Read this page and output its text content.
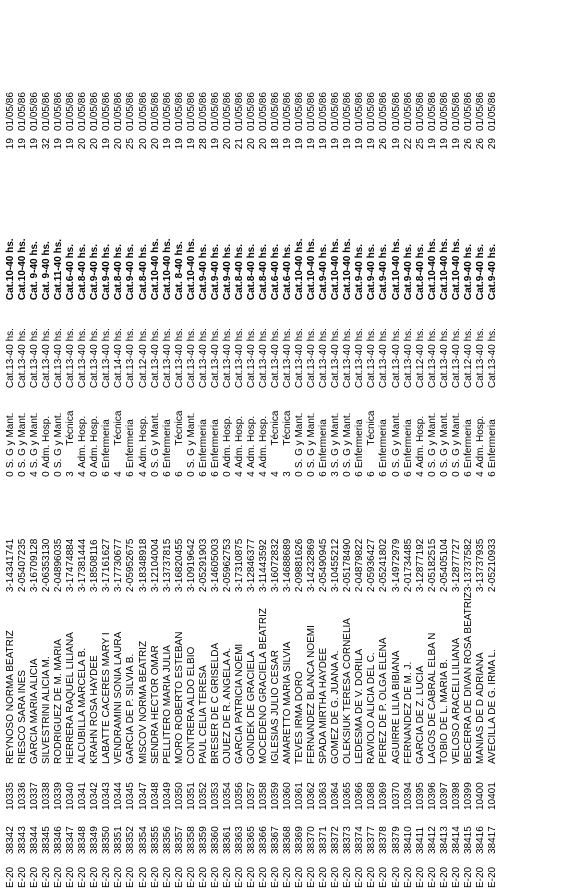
E-20	38342	10335	REYNOSO NORMA BEATRIZ	3-14341741	0	S. G y Mant.	Cat.13-40 hs.	Cat.10-40 hs.	19	01/05/86
E-20	38343	10336	RIESCO SARA INES	2-05407235	0	S. G y Mant.	Cat.13-40 hs.	Cat.10-40 hs.	19	01/05/86
E-20	38344	10337	GARCIA MARIA ALICIA	3-16709128	4	S. G y Mant.	Cat.13-40 hs.	Cat. 9-40 hs.	19	01/05/86
E-20	38345	10338	SILVESTRINI ALICIA M.	2-06353130	0	Adm. Hosp.	Cat.13-40 hs.	Cat. 9-40 hs.	32	01/05/86
E-20	38346	10339	RODRIGUEZ DE M. MARIA	2-04896035	0	S. G y Mant.	Cat.13-40 hs.	Cat.11-40 hs.	19	01/05/86
E-20	38347	10340	HERRERA RAQUEL LILIANA	3-17474884	3	Técnica	Cat.13-40 hs.	Cat.6-40 hs.	19	01/05/86
E-20	38348	10341	ALCUBILLA MARCELA B.	3-17381444	4	Adm. Hosp.	Cat.13-40 hs.	Cat.8-40 hs.	20	01/05/86
E-20	38349	10342	KRAHN ROSA HAYDEE	3-18508116	0	Adm. Hosp.	Cat.13-40 hs.	Cat.9-40 hs.	20	01/05/86
E-20	38350	10343	LABATTE CACERES MARY I	3-17161627	6	Enfermeria	Cat.13-40 hs.	Cat.9-40 hs.	19	01/05/86
E-20	38351	10344	VENDRAMINI SONIA LAURA	3-17730677	4	Técnica	Cat.14-40 hs.	Cat.8-40 hs.	20	01/05/86
E-20	38352	10345	GARCIA DE P. SILVIA B.	2-05952675	6	Enfermeria	Cat.13-40 hs.	Cat.9-40 hs.	25	01/05/86
E-20	38354	10347	MISCOV NORMA BEATRIZ	3-18348918	4	Adm. Hosp.	Cat.12-40 hs.	Cat.8-40 hs.	20	01/05/86
E-20	38355	10348	SENDRA HECTOR OMAR	3-12104004	0	S. G y Mant.	Cat.13-40 hs.	Cat.10-40 hs.	20	01/05/86
E-20	38356	10349	PELLITERO MARIA JULIA	3-13737815	6	Enfermeria	Cat.13-40 hs.	Cat.10-40 hs.	19	01/05/86
E-20	38357	10350	MORO ROBERTO ESTEBAN	3-16820455	6	Técnica	Cat.13-40 hs.	Cat. 8-40 hs.	19	01/05/86
E-20	38358	10351	CONTRERA ALDO ELBIO	3-10919642	0	S. G y Mant.	Cat.13-40 hs.	Cat.10-40 hs.	19	01/05/86
E-20	38359	10352	PAUL CELIA TERESA	2-05291903	6	Enfermeria	Cat.13-40 hs.	Cat.9-40 hs.	28	01/05/86
E-20	38360	10353	BRESER DE C GRISELDA	3-14605003	6	Enfermeria	Cat.13-40 hs.	Cat.9-40 hs.	19	01/05/86
E-20	38361	10354	OJUEZ DE R. ANGELA A.	2-05962753	0	Adm. Hosp.	Cat.13-40 hs.	Cat.9-40 hs.	20	01/05/86
E-20	38363	10356	GARCIA PATRICIA NOEMI	3-17310875	4	Adm. Hosp.	Cat.13-40 hs.	Cat.8-40 hs.	21	01/05/86
E-20	38365	10357	GONDEK DE GRACIELA	3-12846377	4	Adm. Hosp.	Cat.13-40 hs.	Cat.8-40 hs.	20	01/05/86
E-20	38366	10358	MOCEDENO GRACIELA BEATRIZ	3-11443592	4	Adm. Hosp.	Cat.13-40 hs.	Cat.8-40 hs.	20	01/05/86
E-20	38367	10359	IGLESIAS JULIO CESAR	3-16072832	4	Técnica	Cat.13-40 hs.	Cat.6-40 hs.	18	01/05/86
E-20	38368	10360	AMARETTO MARIA SILVIA	3-14688689	3	Técnica	Cat.13-40 hs.	Cat.6-40 hs.	19	01/05/86
E-20	38369	10361	TEVES IRMA DORO	2-09881626	0	S. G y Mant.	Cat.13-40 hs.	Cat.10-40 hs.	19	01/05/86
E-20	38370	10362	FERNANDEZ BLANCA NOEMI	3-14232869	0	S. G y Mant.	Cat.13-40 hs.	Cat.10-40 hs.	19	01/05/86
E-20	38371	10363	SPADA MIRTHA HAYDEE	2-05490945	6	Enfermeria	Cat.13-40 hs.	Cat.9-40 hs.	19	01/05/86
E-20	38372	10364	GOMEZ DE G. JUANA A.	3-10455212	3	S. G y Mant.	Cat.13-40 hs.	Cat.10-40 hs.	19	01/05/86
E-20	38373	10365	OLEKSIUK TERESA CORNELIA	2-05178490	0	S. G y Mant.	Cat.13-40 hs.	Cat.10-40 hs.	19	01/05/86
E-20	38374	10366	LEDESMA DE V. DORILA	2-04879822	6	Enfermeria	Cat.13-40 hs.	Cat.9-40 hs.	19	01/05/86
E-20	38377	10368	RAVIOLO ALICIA DEL C.	2-05936427	6	Técnica	Cat.13-40 hs.	Cat.9-40 hs.	19	01/05/86
E-20	38378	10369	PEREZ DE P. OLGA ELENA	2-05241802	6	Enfermeria	Cat.13-40 hs.	Cat.9-40 hs.	26	01/05/86
E-20	38379	10370	AGUIRRE LILIA BIBIANA	3-14972979	0	S. G y Mant.	Cat.13-40 hs.	Cat.10-40 hs.	19	01/05/86
E-20	38410	10394	FERNANDEZ DE M. J.	2-01734485	6	Enfermeria	Cat.13-40 hs.	Cat.9-40 hs.	22	01/05/86
E-20	38411	10395	GARCIA DE Z. LUCIA	3-12877192	4	Adm. Hosp.	Cat.12-40 hs.	Cat.8-40 hs.	25	01/05/86
E-20	38412	10396	LAGOS DE CABRAL ELBA N	2-05182515	0	S. G y Mant.	Cat.13-40 hs.	Cat.10-40 hs.	19	01/05/86
E-20	38413	10397	TOBIO DE L. MARIA B.	2-05405104	0	S. G y Mant.	Cat.13-40 hs.	Cat.10-40 hs.	19	01/05/86
E-20	38414	10398	VELOSO ARACELI LILIANA	3-12877727	0	S. G y Mant.	Cat.13-40 hs.	Cat.10-40 hs.	19	01/05/86
E-20	38415	10399	BECERRA DE DIVAN ROSA BEATRIZ	3-13737582	6	Enfermeria	Cat.12-40 hs.	Cat.9-40 hs.	26	01/05/86
E-20	38416	10400	MANIAS DE D ADRIANA	3-13737935	4	Adm. Hosp.	Cat.13-40 hs.	Cat.9-40 hs.	26	01/05/86
E-20	38417	10401	AVECILLA DE G. IRMA L.	2-05210933	6	Enfermeria	Cat.13-40 hs.	Cat.9-40 hs.	29	01/05/86
